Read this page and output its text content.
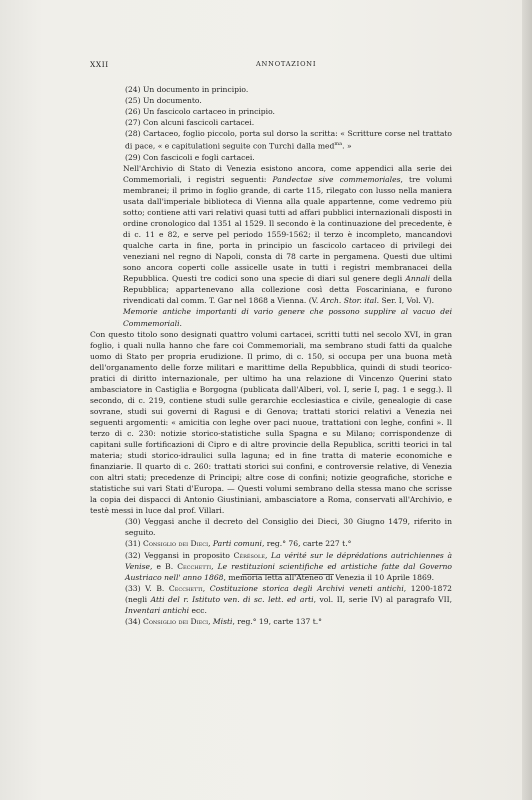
XXII	ANNOTAZIONI

(24) Un documento in principio.

(25) Un documento.

(26) Un fascicolo cartaceo in principio.

(27) Con alcuni fascicoli cartacei.

(28) Cartaceo, foglio piccolo, porta sul dorso la scritta: « Scritture corse nel trattato di pace, « e capitulationi seguite con Turchi dalla med$^{ma}$. »

(29) Con fascicoli e fogli cartacei.

Nell'Archivio di Stato di Venezia esistono ancora, come appendici alla serie dei Commemoriali, i registri seguenti: Pandectae sive commemoriales, tre volumi membranei; il primo in foglio grande, di carte 115, rilegato con lusso nella maniera usata dall'imperiale biblioteca di Vienna alla quale appartenne, come vedremo più sotto; contiene atti vari relativi quasi tutti ad affari pubblici internazionali disposti in ordine cronologico dal 1351 al 1529. Il secondo è la continuazione del precedente, è di c. 11 e 82, e serve pel periodo 1559-1562; il terzo è incompleto, mancandovi qualche carta in fine, porta in principio un fascicolo cartaceo di privilegi dei veneziani nel regno di Napoli, consta di 78 carte in pergamena. Questi due ultimi sono ancora coperti colle assicelle usate in tutti i registri membranacei della Repubblica. Questi tre codici sono una specie di diari sul genere degli Annali della Repubblica; appartenevano alla collezione così detta Foscariniana, e furono rivendicati dal comm. T. Gar nel 1868 a Vienna. (V. Arch. Stor. ital. Ser. I, Vol. V).

Memorie antiche importanti di vario genere che possono supplire al vacuo dei Commemoriali.

Con questo titolo sono designati quattro volumi cartacei, scritti tutti nel secolo XVI, in gran foglio, i quali nulla hanno che fare coi Commemoriali, ma sembrano studi fatti da qualche uomo di Stato per propria erudizione. Il primo, di c. 150, si occupa per una buona metà dell'organamento delle forze militari e marittime della Repubblica, quindi di studi teorico-pratici di diritto internazionale, per ultimo ha una relazione di Vincenzo Querini stato ambasciatore in Castiglia e Borgogna (publicata dall'Alberi, vol. I, serie I, pag. 1 e segg.). Il secondo, di c. 219, contiene studi sulle gerarchie ecclesiastica e civile, genealogie di case sovrane, studi sui governi di Ragusi e di Genova; trattati storici relativi a Venezia nei seguenti argomenti: « amicitia con leghe over paci nuoue, trattationi con leghe, confini ». Il terzo di c. 230: notizie storico-statistiche sulla Spagna e su Milano; corrispondenze di capitani sulle fortificazioni di Cipro e di altre provincie della Republica, scritti teorici in tal materia; studi storico-idraulici sulla laguna; ed in fine tratta di materie economiche e finanziarie. Il quarto di c. 260: trattati storici sui confini, e controversie relative, di Venezia con altri stati; precedenze di Principi; altre cose di confini; notizie geografiche, storiche e statistiche sui vari Stati d'Europa. — Questi volumi sembrano della stessa mano che scrisse la copia dei dispacci di Antonio Giustiniani, ambasciatore a Roma, conservati all'Archivio, e testè messi in luce dal prof. Villari.

(30) Veggasi anche il decreto del Consiglio dei Dieci, 30 Giugno 1479, riferito in seguito.

(31) Consiglio dei Dieci, Parti comuni, reg.° 76, carte 227 t.°

(32) Veggansi in proposito Cérésole, La vérité sur le déprédations autrichiennes à Venise, e B. Cecchetti, Le restituzioni scientifiche ed artistiche fatte dal Governo Austriaco nell' anno 1868, memoria letta all'Ateneo di Venezia il 10 Aprile 1869.

(33) V. B. Cecchetti, Costituzione storica degli Archivi veneti antichi, 1200-1872 (negli Atti del r. Istituto ven. di sc. lett. ed arti, vol. II, serie IV) al paragrafo VII, Inventari antichi ecc.

(34) Consiglio dei Dieci, Misti, reg.° 19, carte 137 t.°
